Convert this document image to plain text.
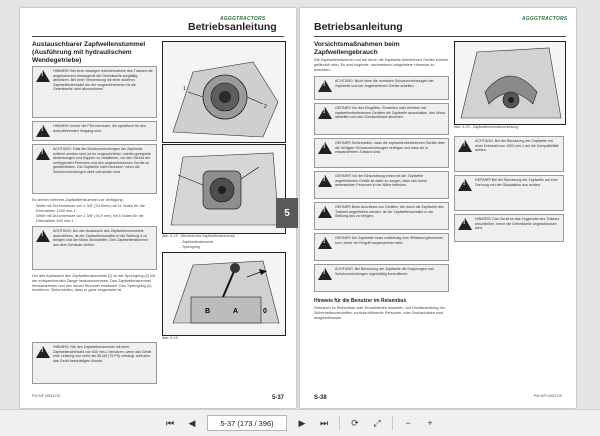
AGGGTRACTORS
Betriebsanleitung
Austauschbarer Zapfwellenstummel
(Ausführung mit hydraulischem Wendegetriebe)
!
HINWEIS: Bei einer etwaigen Inbetriebnahme des Traktors mit angehobenem Anbaugerät die Gelenkwelle sorgfältig abstützen. Bei einer Verwendung mit einer anderen Zapfwellendrehzahl als der vorgeschriebenen ist die Gelenkwelle nicht abzunehmen.
!
HINWEIS: Immer die PSA benutzen, die spezifisch für den auszuführenden Vorgang sind.
!
ACHTUNG: Falls die Schutzvorrichtungen der Zapfwelle entfernt worden sind, ist es vorgeschrieben, wieder geeignete Abdeckungen und Kappen zu installieren, um den Schutz der umliegenden Personen und des angeschlossenen Geräts zu gewährleisten. Die Zapfwelle nicht benutzen, wenn die Schutzvorrichtungen nicht vorhanden sind.
Es stehen mehrere Zapfwellenstummel zur Verfügung:
Welle mit Durchmesser von 1 3/8" (34,9mm) mit 21 Nuten für die Drehzahlen 1000 min-1
Welle mit Durchmesser von 1 3/8" (34,9 mm) mit 6 Nuten für die Drehzahlen 540 min-1
!
ACHTUNG: Um den Austausch des Zapfwellenstummels auszuführen, ist der Zapfwellenschalter in die Stellung 0 zu bringen und der Motor abzustellen. Den Zapfwellenstummel aus dem Gehäuse ziehen.
Um den Austausch des Zapfwellenstummels (1) ist der Sprengring (2) mit der entsprechenden Zange herauszunehmen. Den Zapfwellenstummel herausnehmen und den neuen Stummel einsetzen. Den Sprengring (2) montieren. Sicherstellen, dass er ganz eingerastet ist.
!
HINWEIS: Nie den Zapfwellenstummel mit einer Zapfwellendrehzahl von 540 min-1 benutzen, wenn das Gerät eine Leistung von mehr als 56 kW (75 PS) verlangt, weil dies das Gerät beschädigen könnte.
1
2
Abb. 5-19 - Wechsel des Zapfwellenstummels
- Zapfwellenstummel
- Sprengring
B	A	0
Abb. 5-19
PW-MF14504-DE	5-37
5
Betriebsanleitung
AGGGTRACTORS
Vorsichtsmaßnahmen beim Zapfwellengebrauch
Die Zapfwellenstummel und die durch die Zapfwelle betriebenen Geräte können gefährlich sein. Es sind folgende, nachstehend aufgelistete Hinweise zu beachten:
!
ACHTUNG: Nicht ohne die normalen Schutzvorrichtungen der Zapfwelle und der angetriebenen Geräte arbeiten.
!
GEFAHR! Vor den Eingriffen, Einstellen oder Arbeiten mit zapfwellenbetriebenen Geräten die Zapfwelle ausschalten, den Motor abstellen und den Zündschlüssel abziehen.
!
GEFAHR! Sicherstellen, dass die zapfwellenbetriebenen Geräte über die richtigen Schutzvorrichtungen verfügen und dass sie in einwandfreiem Zustand sind.
!
GEFAHR! Vor der Einschaltung eines mit der Zapfwelle angetriebenen Geräts ist dafür zu sorgen, dass sich keine anwesenden Personen in der Nähe befinden.
!
GEFAHR! Beim Anschluss von Geräten, die durch die Zapfwelle des Traktors angetrieben werden, ist der Zapfwellenschalter in die Stellung Aus zu bringen.
!
GEFAHR! Die Zapfwelle muss vollständig zum Stillstand gekommen sein, bevor ein Eingriff vorgenommen wird.
!
ACHTUNG: Bei Benutzung der Zapfwelle die Kupplungen und Schutzvorrichtungen regelmäßig kontrollieren.
Hinweis für die Benutzer im Reisenbus
Gebrauch im Reihenbau oder Einzelbetrieb beachten. Auf Nichtbeachtung der Sicherheitsvorschriften zurückzuführende Personen- oder Sachschäden sind ausgeschlossen.
Abb. 5-20 - Zapfwellenschutzvorrichtung
!
ACHTUNG: Bei der Benutzung der Zapfwelle mit einer Drehzahl von 1000 min-1 auf die Kompatibilität achten.
!
GEFAHR! Bei der Benutzung der Zapfwelle auf eine Drehung von der Sitzposition aus achten.
!
HINWEIS: Das Gerät an das Zugpendel des Traktors anschließen, bevor die Gelenkwelle angeschlossen wird.
S-38	PW-MF14504-DE
⏮	◀	5-37 (173 / 396)	▶	⏭	⟳	⤢	−	+
